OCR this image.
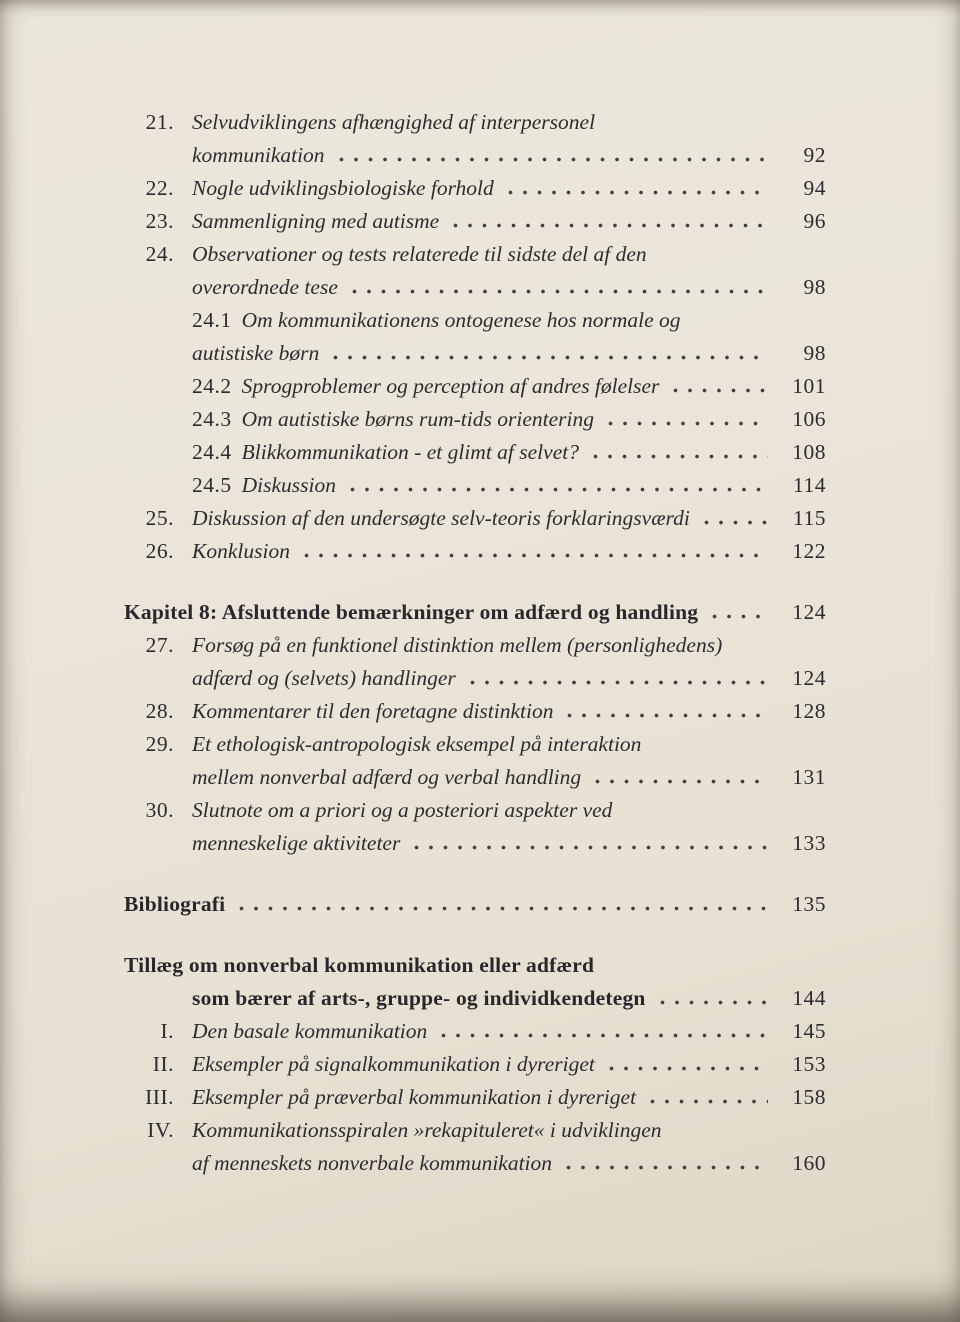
21. Selvudviklingens afhængighed af interpersonel
kommunikation	92
22. Nogle udviklingsbiologiske forhold	94
23. Sammenligning med autisme	96
24. Observationer og tests relaterede til sidste del af den
overordnede tese	98
24.1 Om kommunikationens ontogenese hos normale og
autistiske børn	98
24.2 Sprogproblemer og perception af andres følelser	101
24.3 Om autistiske børns rum-tids orientering	106
24.4 Blikkommunikation - et glimt af selvet?	108
24.5 Diskussion	114
25. Diskussion af den undersøgte selv-teoris forklaringsværdi	115
26. Konklusion	122
Kapitel 8: Afsluttende bemærkninger om adfærd og handling	124
27. Forsøg på en funktionel distinktion mellem (personlighedens)
adfærd og (selvets) handlinger	124
28. Kommentarer til den foretagne distinktion	128
29. Et ethologisk-antropologisk eksempel på interaktion
mellem nonverbal adfærd og verbal handling	131
30. Slutnote om a priori og a posteriori aspekter ved
menneskelige aktiviteter	133
Bibliografi	135
Tillæg om nonverbal kommunikation eller adfærd
som bærer af arts-, gruppe- og individkendetegn	144
I. Den basale kommunikation	145
II. Eksempler på signalkommunikation i dyreriget	153
III. Eksempler på præverbal kommunikation i dyreriget	158
IV. Kommunikationsspiralen »rekapituleret« i udviklingen
af menneskets nonverbale kommunikation	160
